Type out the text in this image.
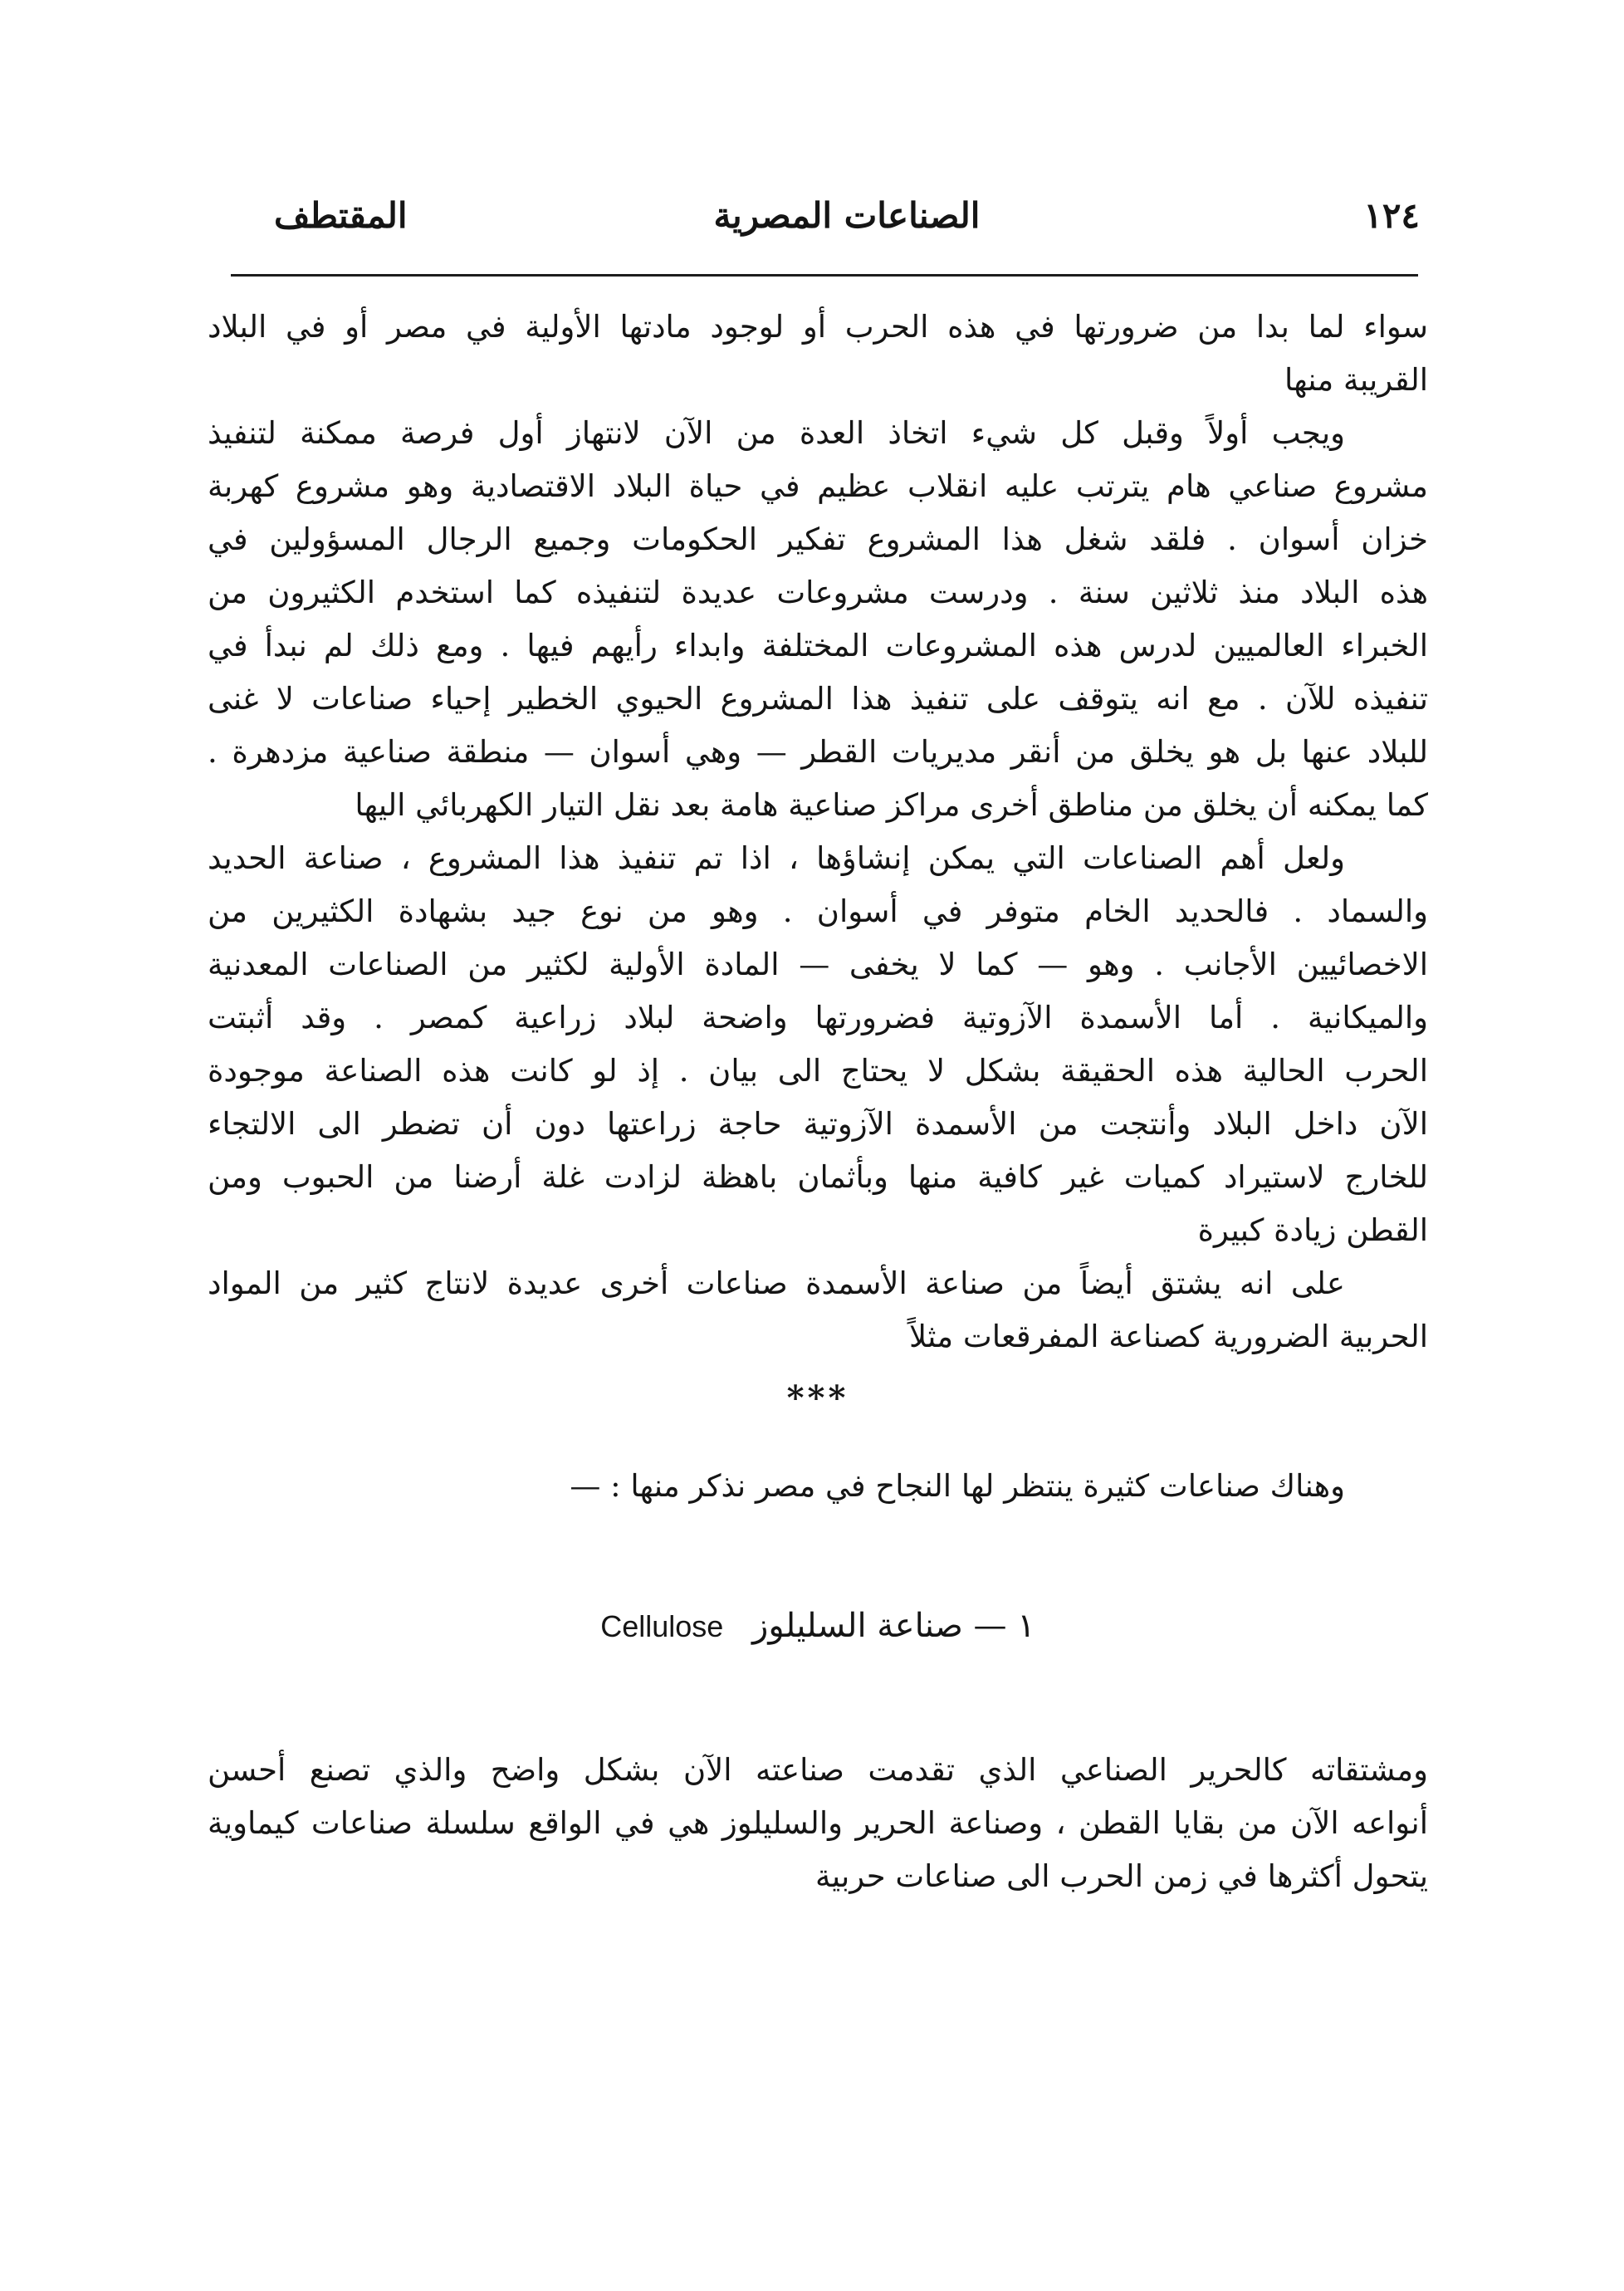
١٢٤
الصناعات المصرية
المقتطف
سواء لما بدا من ضرورتها في هذه الحرب أو لوجود مادتها الأولية في مصر أو في البلاد
القريبة منها
ويجب أولاً وقبل كل شيء اتخاذ العدة من الآن لانتهاز أول فرصة ممكنة لتنفيذ
مشروع صناعي هام يترتب عليه انقلاب عظيم في حياة البلاد الاقتصادية وهو مشروع كهربة
خزان أسوان . فلقد شغل هذا المشروع تفكير الحكومات وجميع الرجال المسؤولين في
هذه البلاد منذ ثلاثين سنة . ودرست مشروعات عديدة لتنفيذه كما استخدم الكثيرون من
الخبراء العالميين لدرس هذه المشروعات المختلفة وابداء رأيهم فيها . ومع ذلك لم نبدأ في
تنفيذه للآن . مع انه يتوقف على تنفيذ هذا المشروع الحيوي الخطير إحياء صناعات لا غنى
للبلاد عنها بل هو يخلق من أنقر مديريات القطر — وهي أسوان — منطقة صناعية مزدهرة .
كما يمكنه أن يخلق من مناطق أخرى مراكز صناعية هامة بعد نقل التيار الكهربائي اليها
ولعل أهم الصناعات التي يمكن إنشاؤها ، اذا تم تنفيذ هذا المشروع ، صناعة الحديد
والسماد . فالحديد الخام متوفر في أسوان . وهو من نوع جيد بشهادة الكثيرين من
الاخصائيين الأجانب . وهو — كما لا يخفى — المادة الأولية لكثير من الصناعات المعدنية
والميكانية . أما الأسمدة الآزوتية فضرورتها واضحة لبلاد زراعية كمصر . وقد أثبتت
الحرب الحالية هذه الحقيقة بشكل لا يحتاج الى بيان . إذ لو كانت هذه الصناعة موجودة
الآن داخل البلاد وأنتجت من الأسمدة الآزوتية حاجة زراعتها دون أن تضطر الى الالتجاء
للخارج لاستيراد كميات غير كافية منها وبأثمان باهظة لزادت غلة أرضنا من الحبوب ومن
القطن زيادة كبيرة
على انه يشتق أيضاً من صناعة الأسمدة صناعات أخرى عديدة لانتاج كثير من المواد
الحربية الضرورية كصناعة المفرقعات مثلاً
***
وهناك صناعات كثيرة ينتظر لها النجاح في مصر نذكر منها : —
١ — صناعة السليلوز Cellulose
ومشتقاته كالحرير الصناعي الذي تقدمت صناعته الآن بشكل واضح والذي تصنع أحسن
أنواعه الآن من بقايا القطن ، وصناعة الحرير والسليلوز هي في الواقع سلسلة صناعات كيماوية
يتحول أكثرها في زمن الحرب الى صناعات حربية
